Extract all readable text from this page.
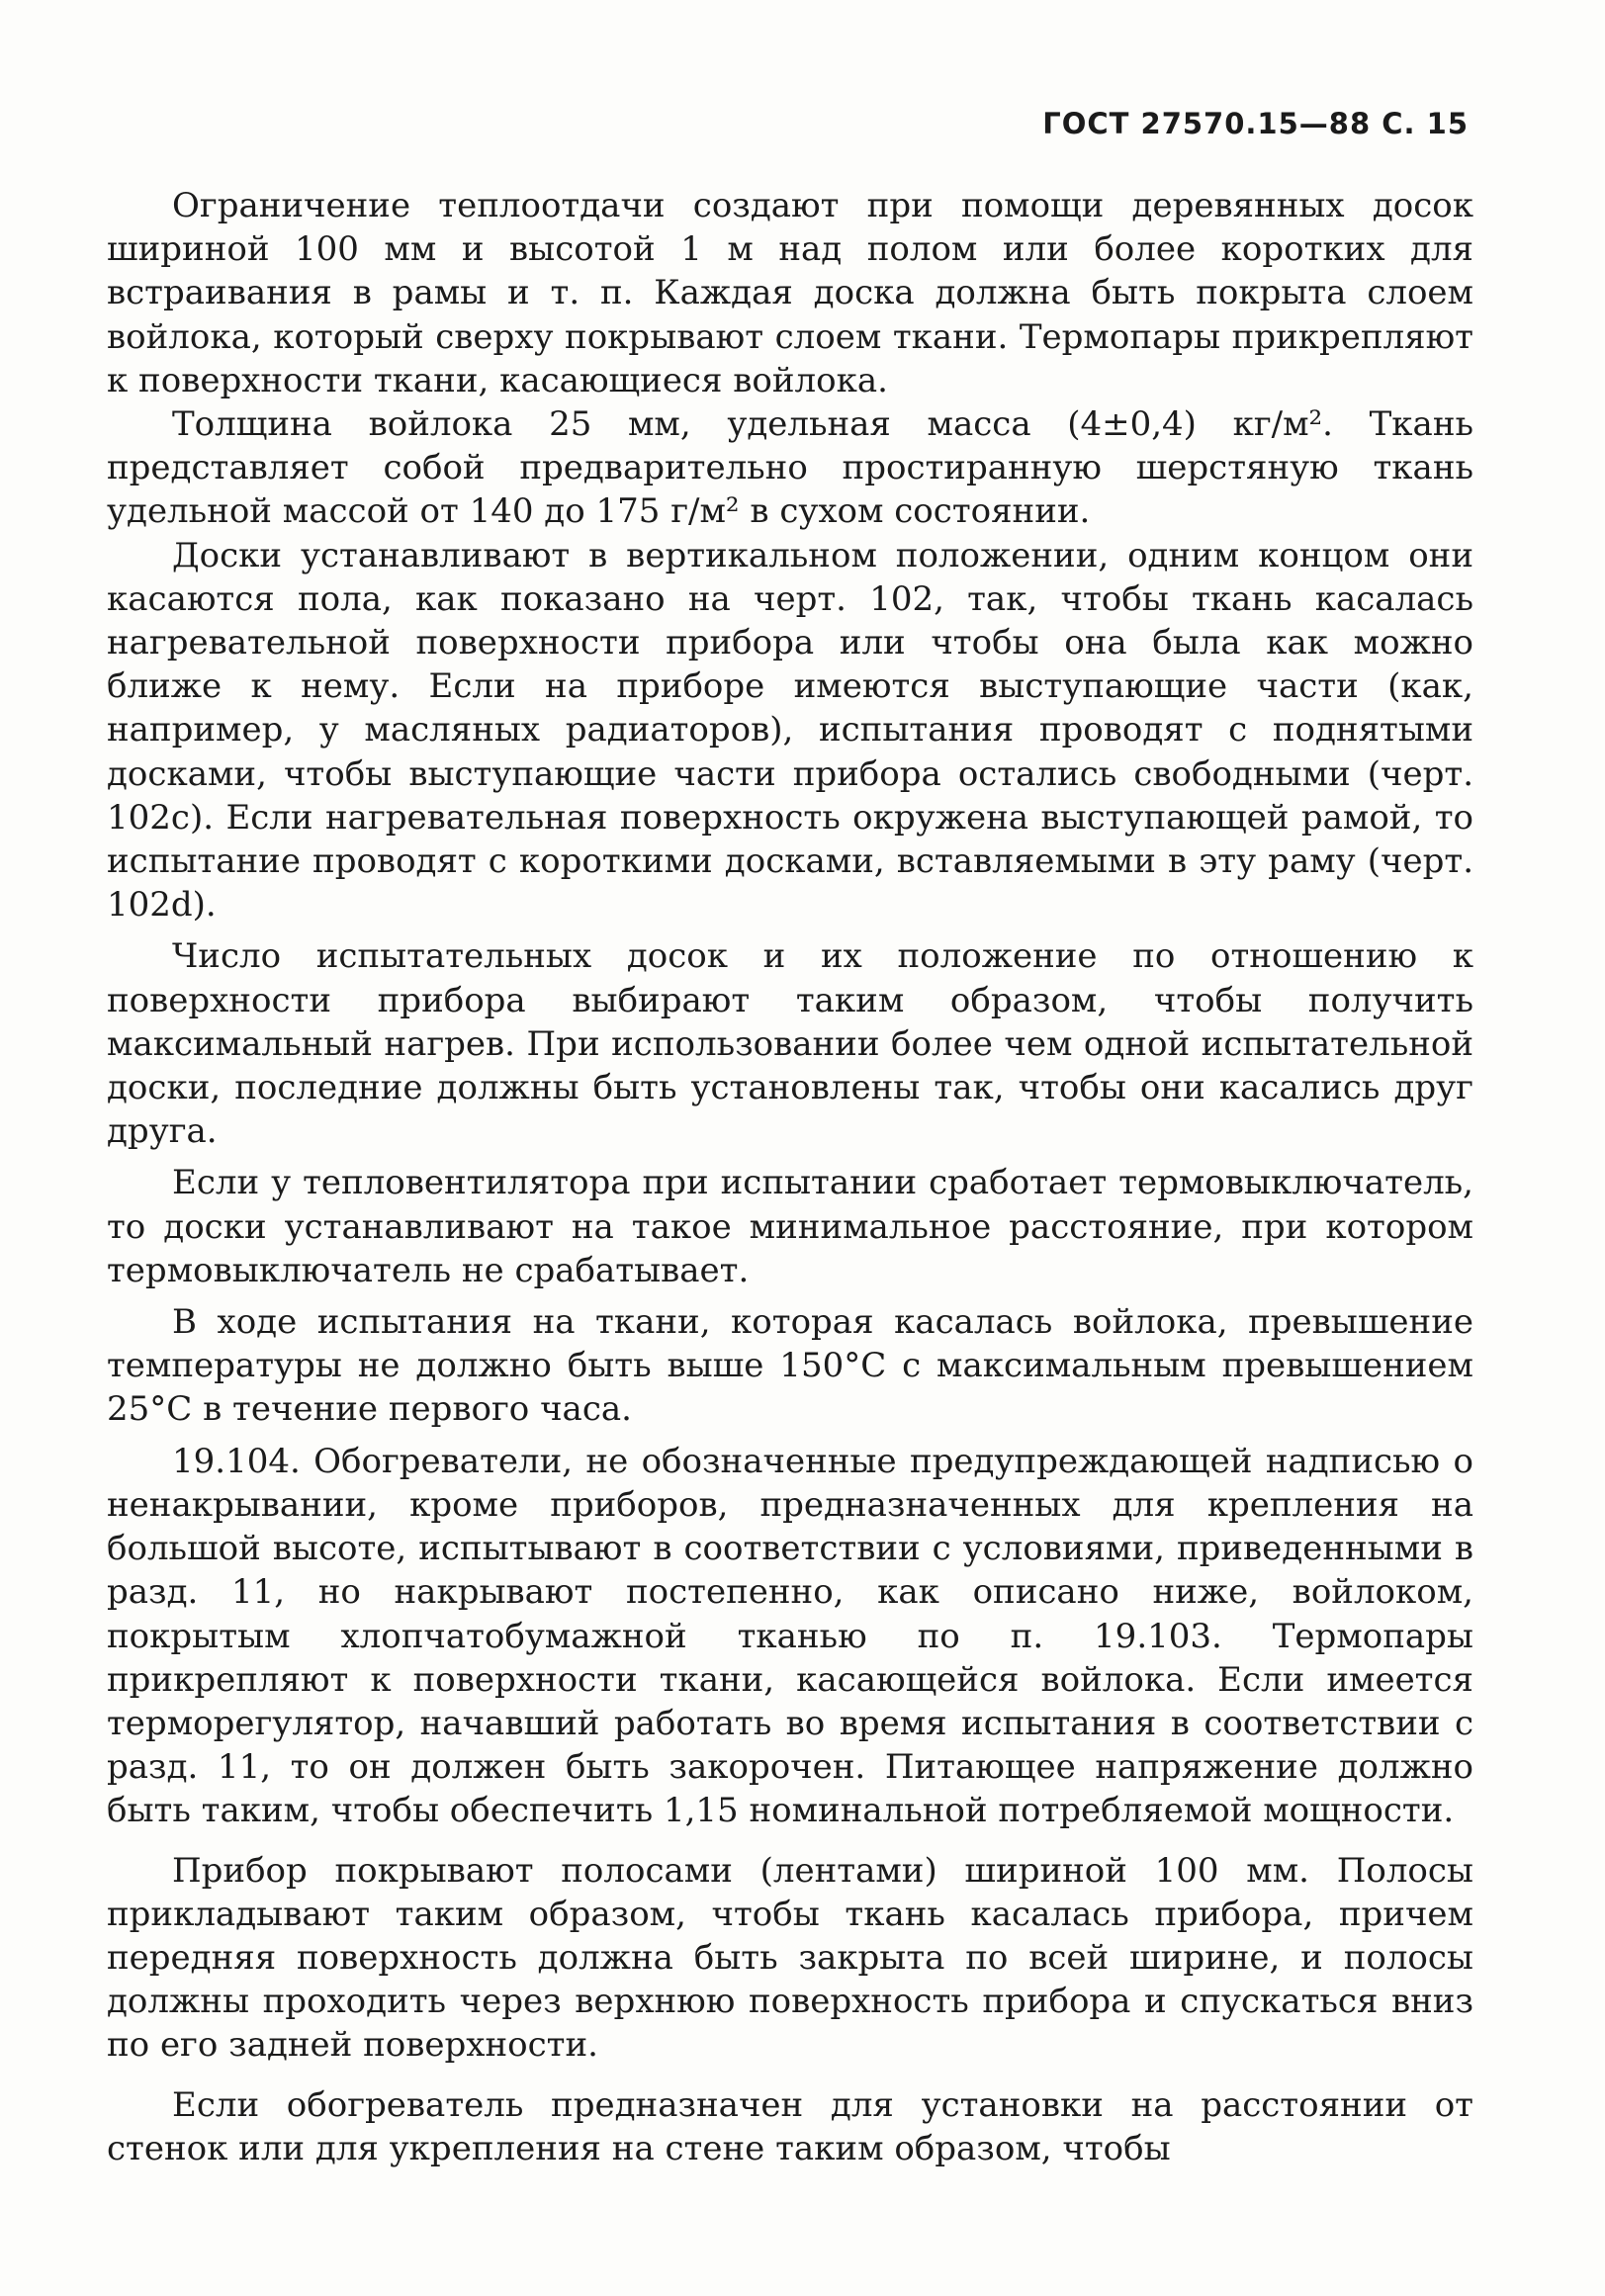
ГОСТ 27570.15—88 С. 15

Ограничение теплоотдачи создают при помощи деревянных досок шириной 100 мм и высотой 1 м над полом или более коротких для встраивания в рамы и т. п. Каждая доска должна быть покрыта слоем войлока, который сверху покрывают слоем ткани. Термопары прикрепляют к поверхности ткани, касающиеся войлока.

Толщина войлока 25 мм, удельная масса (4±0,4) кг/м². Ткань представляет собой предварительно простиранную шерстяную ткань удельной массой от 140 до 175 г/м² в сухом состоянии.

Доски устанавливают в вертикальном положении, одним концом они касаются пола, как показано на черт. 102, так, чтобы ткань касалась нагревательной поверхности прибора или чтобы она была как можно ближе к нему. Если на приборе имеются выступающие части (как, например, у масляных радиаторов), испытания проводят с поднятыми досками, чтобы выступающие части прибора остались свободными (черт. 102с). Если нагревательная поверхность окружена выступающей рамой, то испытание проводят с короткими досками, вставляемыми в эту раму (черт. 102d).

Число испытательных досок и их положение по отношению к поверхности прибора выбирают таким образом, чтобы получить максимальный нагрев. При использовании более чем одной испытательной доски, последние должны быть установлены так, чтобы они касались друг друга.

Если у тепловентилятора при испытании сработает термовыключатель, то доски устанавливают на такое минимальное расстояние, при котором термовыключатель не срабатывает.

В ходе испытания на ткани, которая касалась войлока, превышение температуры не должно быть выше 150°С с максимальным превышением 25°С в течение первого часа.

19.104. Обогреватели, не обозначенные предупреждающей надписью о ненакрывании, кроме приборов, предназначенных для крепления на большой высоте, испытывают в соответствии с условиями, приведенными в разд. 11, но накрывают постепенно, как описано ниже, войлоком, покрытым хлопчатобумажной тканью по п. 19.103. Термопары прикрепляют к поверхности ткани, касающейся войлока. Если имеется терморегулятор, начавший работать во время испытания в соответствии с разд. 11, то он должен быть закорочен. Питающее напряжение должно быть таким, чтобы обеспечить 1,15 номинальной потребляемой мощности.

Прибор покрывают полосами (лентами) шириной 100 мм. Полосы прикладывают таким образом, чтобы ткань касалась прибора, причем передняя поверхность должна быть закрыта по всей ширине, и полосы должны проходить через верхнюю поверхность прибора и спускаться вниз по его задней поверхности.

Если обогреватель предназначен для установки на расстоянии от стенок или для укрепления на стене таким образом, чтобы
